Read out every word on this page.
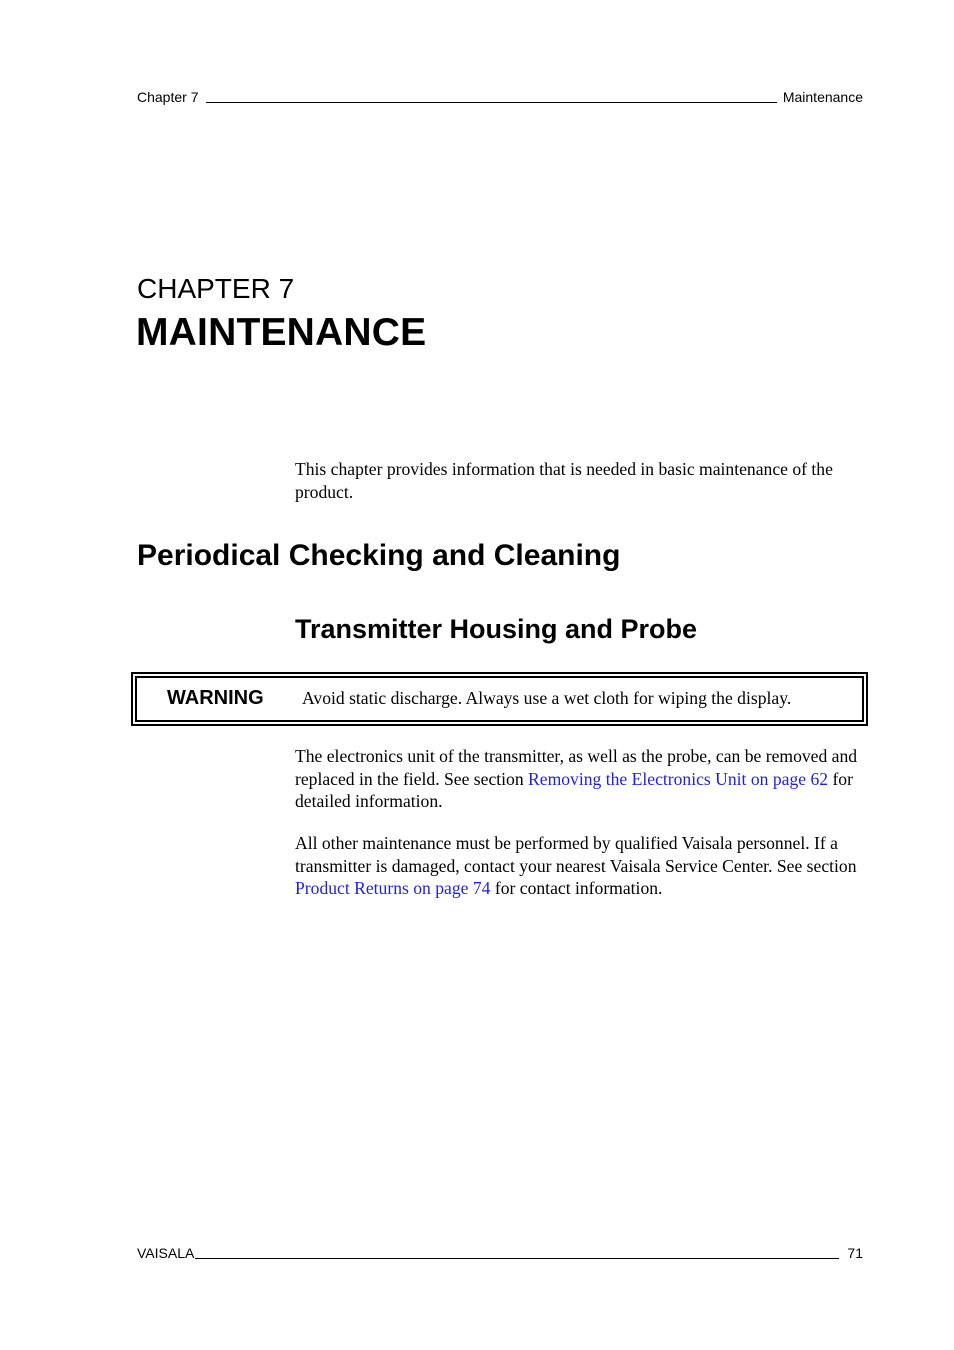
Chapter 7	Maintenance
CHAPTER 7
MAINTENANCE

This chapter provides information that is needed in basic maintenance of the product.

Periodical Checking and Cleaning
Transmitter Housing and Probe
WARNING Avoid static discharge. Always use a wet cloth for wiping the display.

The electronics unit of the transmitter, as well as the probe, can be removed and replaced in the field. See section Removing the Electronics Unit on page 62 for detailed information.

All other maintenance must be performed by qualified Vaisala personnel. If a transmitter is damaged, contact your nearest Vaisala Service Center. See section Product Returns on page 74 for contact information.

VAISALA	71
